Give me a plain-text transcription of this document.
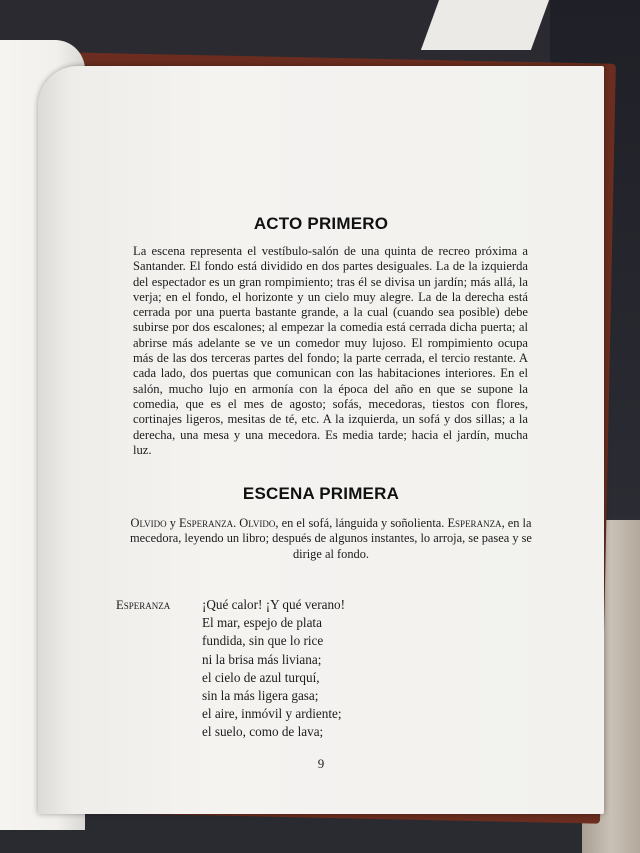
ACTO PRIMERO
La escena representa el vestíbulo-salón de una quinta de recreo próxima a Santander. El fondo está dividido en dos partes desiguales. La de la izquierda del espectador es un gran rompimiento; tras él se divisa un jardín; más allá, la verja; en el fondo, el horizonte y un cielo muy alegre. La de la derecha está cerrada por una puerta bastante grande, a la cual (cuando sea posible) debe subirse por dos escalones; al empezar la comedia está cerrada dicha puerta; al abrirse más adelante se ve un comedor muy lujoso. El rompimiento ocupa más de las dos terceras partes del fondo; la parte cerrada, el tercio restante. A cada lado, dos puertas que comunican con las habitaciones interiores. En el salón, mucho lujo en armonía con la época del año en que se supone la comedia, que es el mes de agosto; sofás, mecedoras, tiestos con flores, cortinajes ligeros, mesitas de té, etc. A la izquierda, un sofá y dos sillas; a la derecha, una mesa y una mecedora. Es media tarde; hacia el jardín, mucha luz.
ESCENA PRIMERA
Olvido y Esperanza. Olvido, en el sofá, lánguida y soñolienta. Esperanza, en la mecedora, leyendo un libro; después de algunos instantes, lo arroja, se pasea y se dirige al fondo.
Esperanza ¡Qué calor! ¡Y qué verano!
El mar, espejo de plata
fundida, sin que lo rice
ni la brisa más liviana;
el cielo de azul turquí,
sin la más ligera gasa;
el aire, inmóvil y ardiente;
el suelo, como de lava;
9
